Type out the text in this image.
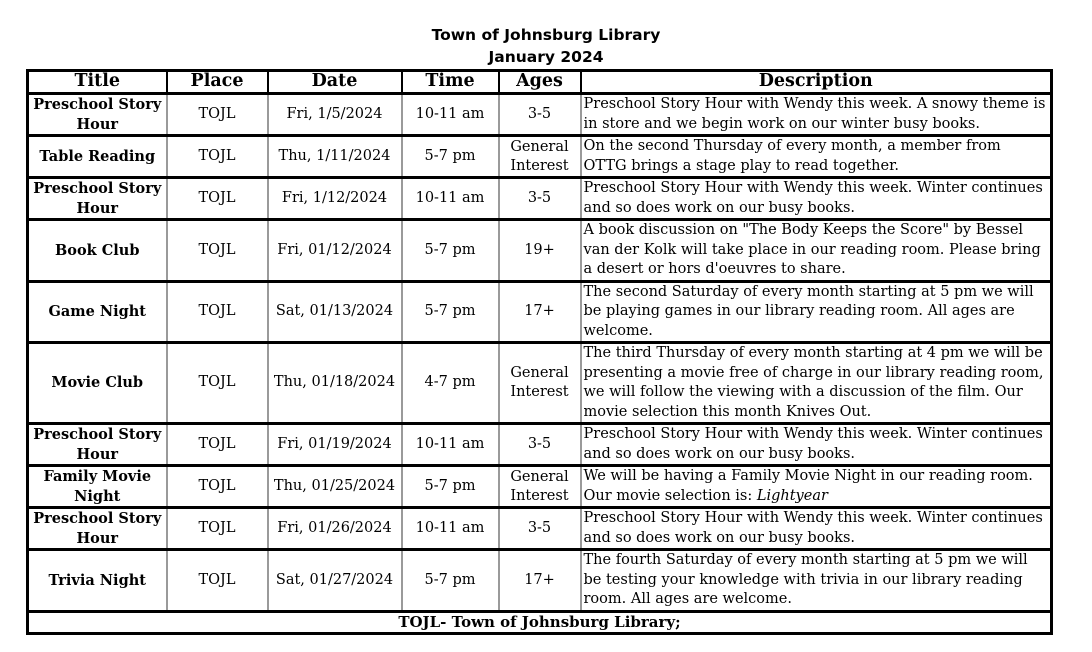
Town of Johnsburg Library
January 2024
Title	Place	Date	Time	Ages	Description
Preschool Story Hour	TOJL	Fri, 1/5/2024	10-11 am	3-5	Preschool Story Hour with Wendy this week. A snowy theme is in store and we begin work on our winter busy books.
Table Reading	TOJL	Thu, 1/11/2024	5-7 pm	General Interest	On the second Thursday of every month, a member from OTTG brings a stage play to read together.
Preschool Story Hour	TOJL	Fri, 1/12/2024	10-11 am	3-5	Preschool Story Hour with Wendy this week. Winter continues and so does work on our busy books.
Book Club	TOJL	Fri, 01/12/2024	5-7 pm	19+	A book discussion on "The Body Keeps the Score" by Bessel van der Kolk will take place in our reading room. Please bring a desert or hors d'oeuvres to share.
Game Night	TOJL	Sat, 01/13/2024	5-7 pm	17+	The second Saturday of every month starting at 5 pm we will be playing games in our library reading room. All ages are welcome.
Movie Club	TOJL	Thu, 01/18/2024	4-7 pm	General Interest	The third Thursday of every month starting at 4 pm we will be presenting a movie free of charge in our library reading room, we will follow the viewing with a discussion of the film. Our movie selection this month Knives Out.
Preschool Story Hour	TOJL	Fri, 01/19/2024	10-11 am	3-5	Preschool Story Hour with Wendy this week. Winter continues and so does work on our busy books.
Family Movie Night	TOJL	Thu, 01/25/2024	5-7 pm	General Interest	We will be having a Family Movie Night in our reading room. Our movie selection is: Lightyear
Preschool Story Hour	TOJL	Fri, 01/26/2024	10-11 am	3-5	Preschool Story Hour with Wendy this week. Winter continues and so does work on our busy books.
Trivia Night	TOJL	Sat, 01/27/2024	5-7 pm	17+	The fourth Saturday of every month starting at 5 pm we will be testing your knowledge with trivia in our library reading room. All ages are welcome.
TOJL- Town of Johnsburg Library;					
